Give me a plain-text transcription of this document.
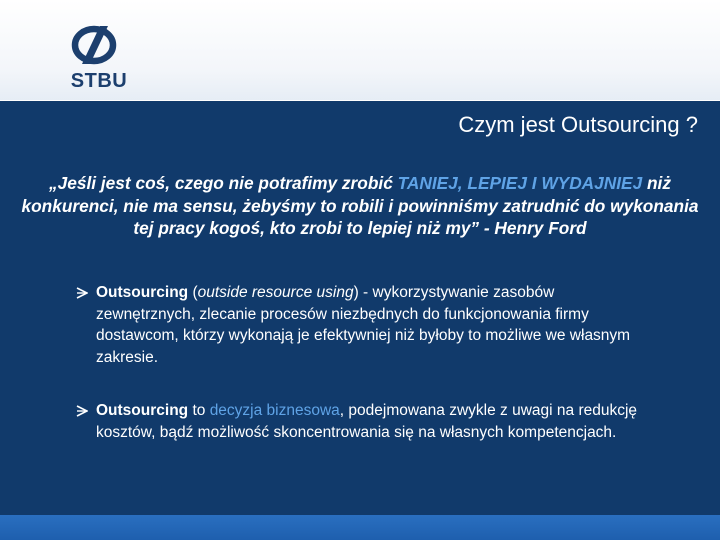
STBU
Czym jest Outsourcing ?
„Jeśli jest coś, czego nie potrafimy zrobić TANIEJ, LEPIEJ I WYDAJNIEJ niż konkurenci, nie ma sensu, żebyśmy to robili i powinniśmy zatrudnić do wykonania tej pracy kogoś, kto zrobi to lepiej niż my” - Henry Ford
Outsourcing (outside resource using) - wykorzystywanie zasobów zewnętrznych, zlecanie procesów niezbędnych do funkcjonowania firmy dostawcom, którzy wykonają je efektywniej niż byłoby to możliwe we własnym zakresie.
Outsourcing to decyzja biznesowa, podejmowana zwykle z uwagi na redukcję kosztów, bądź możliwość skoncentrowania się na własnych kompetencjach.
